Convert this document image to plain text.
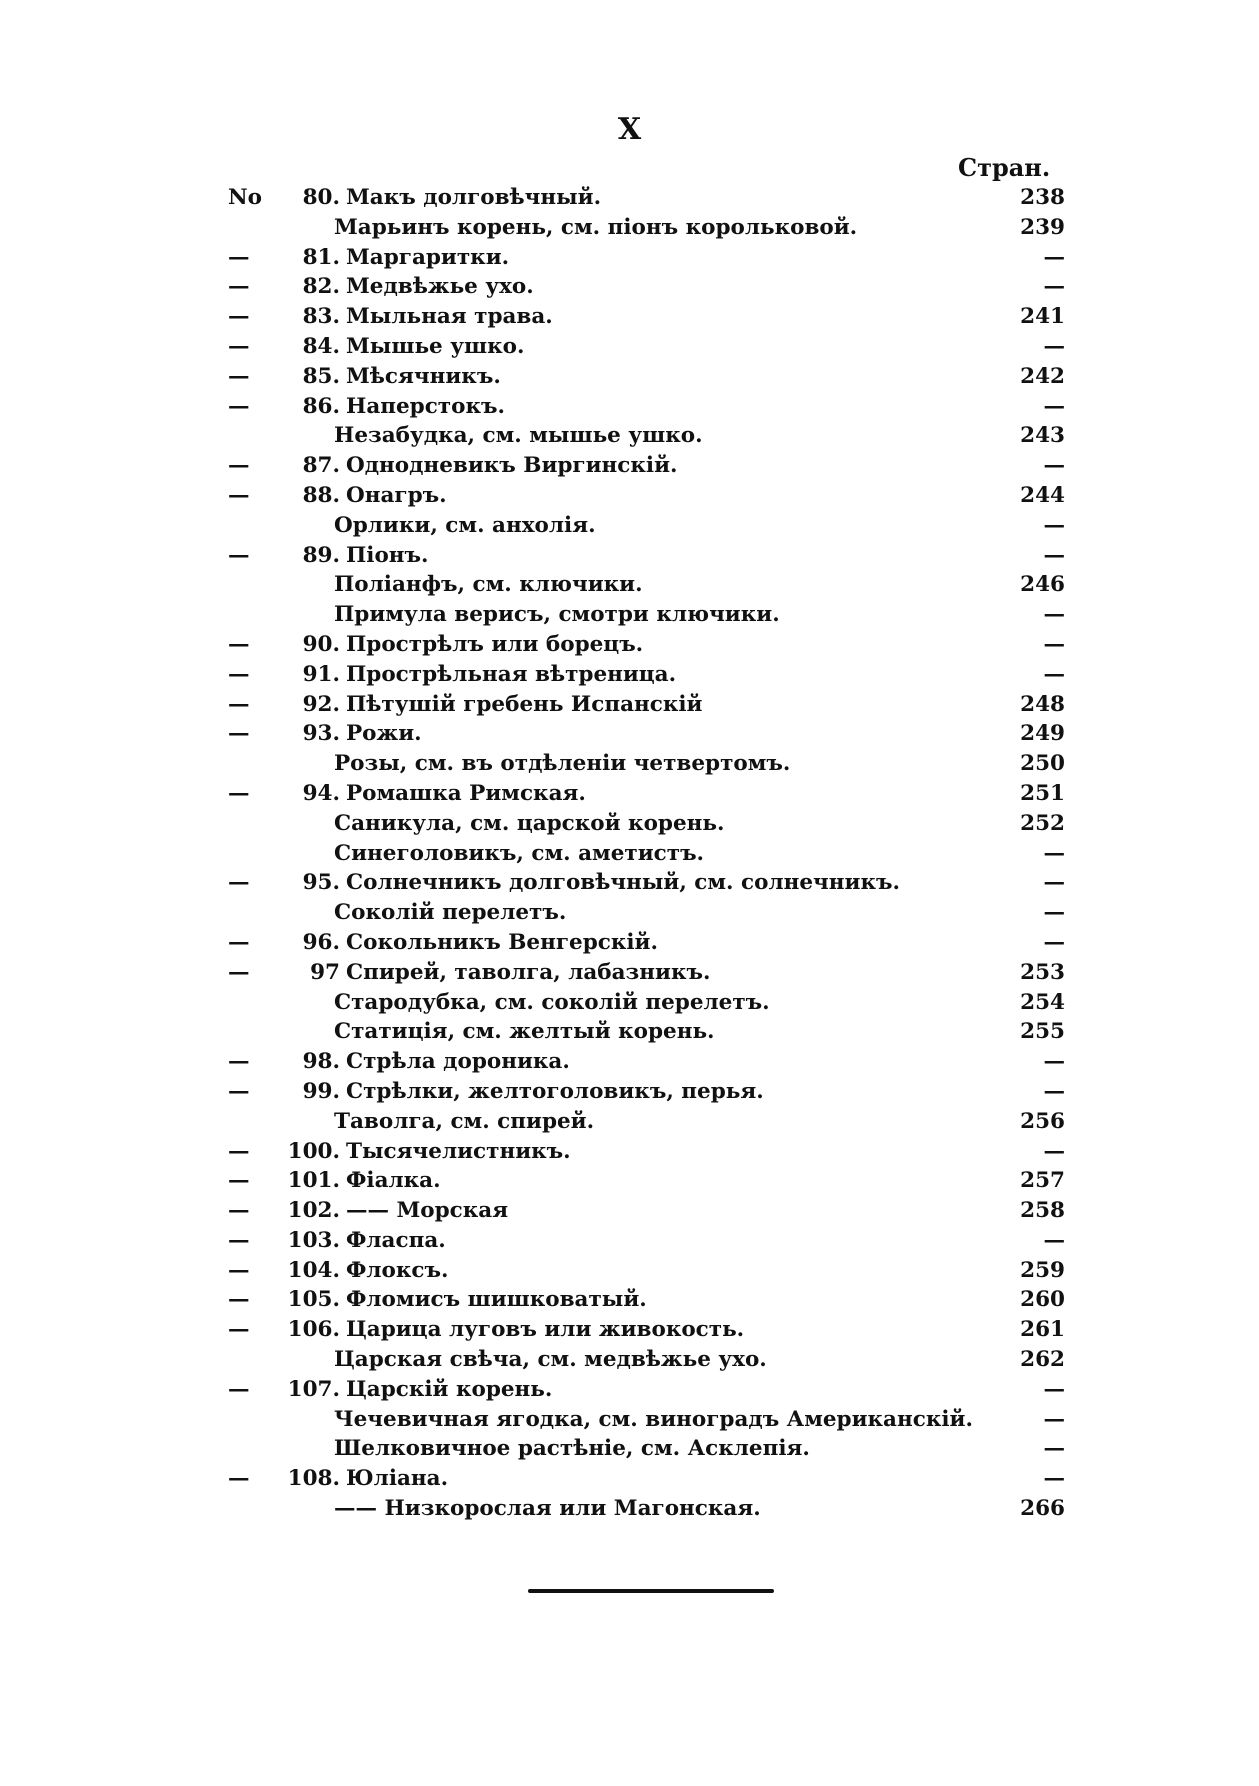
X
Стран.
No	80. Макъ долговѣчный.	238
Марьинъ корень, см. піонъ корольковой.	239
—	81. Маргаритки.	—
—	82. Медвѣжье ухо.	—
—	83. Мыльная трава.	241
—	84. Мышье ушко.	—
—	85. Мѣсячникъ.	242
—	86. Наперстокъ.	—
Незабудка, см. мышье ушко.	243
—	87. Однодневикъ Виргинскій.	—
—	88. Онагръ.	244
Орлики, см. анхолія.	—
—	89. Піонъ.	—
Поліанфъ, см. ключики.	246
Примула верисъ, смотри ключики.	—
—	90. Прострѣлъ или борецъ.	—
—	91. Прострѣльная вѣтреница.	—
—	92. Пѣтушій гребень Испанскій	248
—	93. Рожи.	249
Розы, см. въ отдѣленіи четвертомъ.	250
—	94. Ромашка Римская.	251
Саникула, см. царской корень.	252
Синеголовикъ, см. аметистъ.	—
—	95. Солнечникъ долговѣчный, см. солнечникъ.	—
Соколій перелетъ.	—
—	96. Сокольникъ Венгерскій.	—
—	97 Спирей, таволга, лабазникъ.	253
Стародубка, см. соколій перелетъ.	254
Статиція, см. желтый корень.	255
—	98. Стрѣла дороника.	—
—	99. Стрѣлки, желтоголовикъ, перья.	—
Таволга, см. спирей.	256
—	100. Тысячелистникъ.	—
—	101. Фіалка.	257
—	102. —— Морская	258
—	103. Фласпа.	—
—	104. Флоксъ.	259
—	105. Фломисъ шишковатый.	260
—	106. Царица луговъ или живокость.	261
Царская свѣча, см. медвѣжье ухо.	262
—	107. Царскій корень.	—
Чечевичная ягодка, см. виноградъ Американскій.	—
Шелковичное растѣніе, см. Асклепія.	—
—	108. Юліана.	—
—— Низкорослая или Магонская.	266
